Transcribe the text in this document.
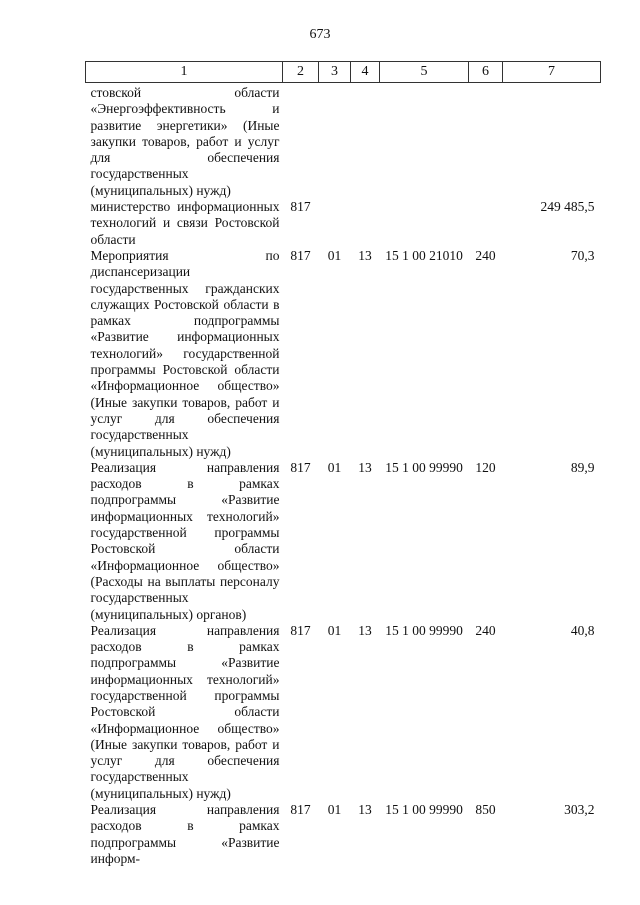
673
1	2	3	4	5	6	7
стовской области «Энергоэффективность и развитие энергетики» (Иные закупки товаров, работ и услуг для обеспечения государственных (муниципальных) нужд)						
министерство информационных технологий и связи Ростовской области	817					249 485,5
Мероприятия по диспансеризации государственных гражданских служащих Ростовской области в рамках подпрограммы «Развитие информационных технологий» государственной программы Ростовской области «Информационное общество» (Иные закупки товаров, работ и услуг для обеспечения государственных (муниципальных) нужд)	817	01	13	15 1 00 21010	240	70,3
Реализация направления расходов в рамках подпрограммы «Развитие информационных технологий» государственной программы Ростовской области «Информационное общество» (Расходы на выплаты персоналу государственных (муниципальных) органов)	817	01	13	15 1 00 99990	120	89,9
Реализация направления расходов в рамках подпрограммы «Развитие информационных технологий» государственной программы Ростовской области «Информационное общество» (Иные закупки товаров, работ и услуг для обеспечения государственных (муниципальных) нужд)	817	01	13	15 1 00 99990	240	40,8
Реализация направления расходов в рамках подпрограммы «Развитие информ-	817	01	13	15 1 00 99990	850	303,2
